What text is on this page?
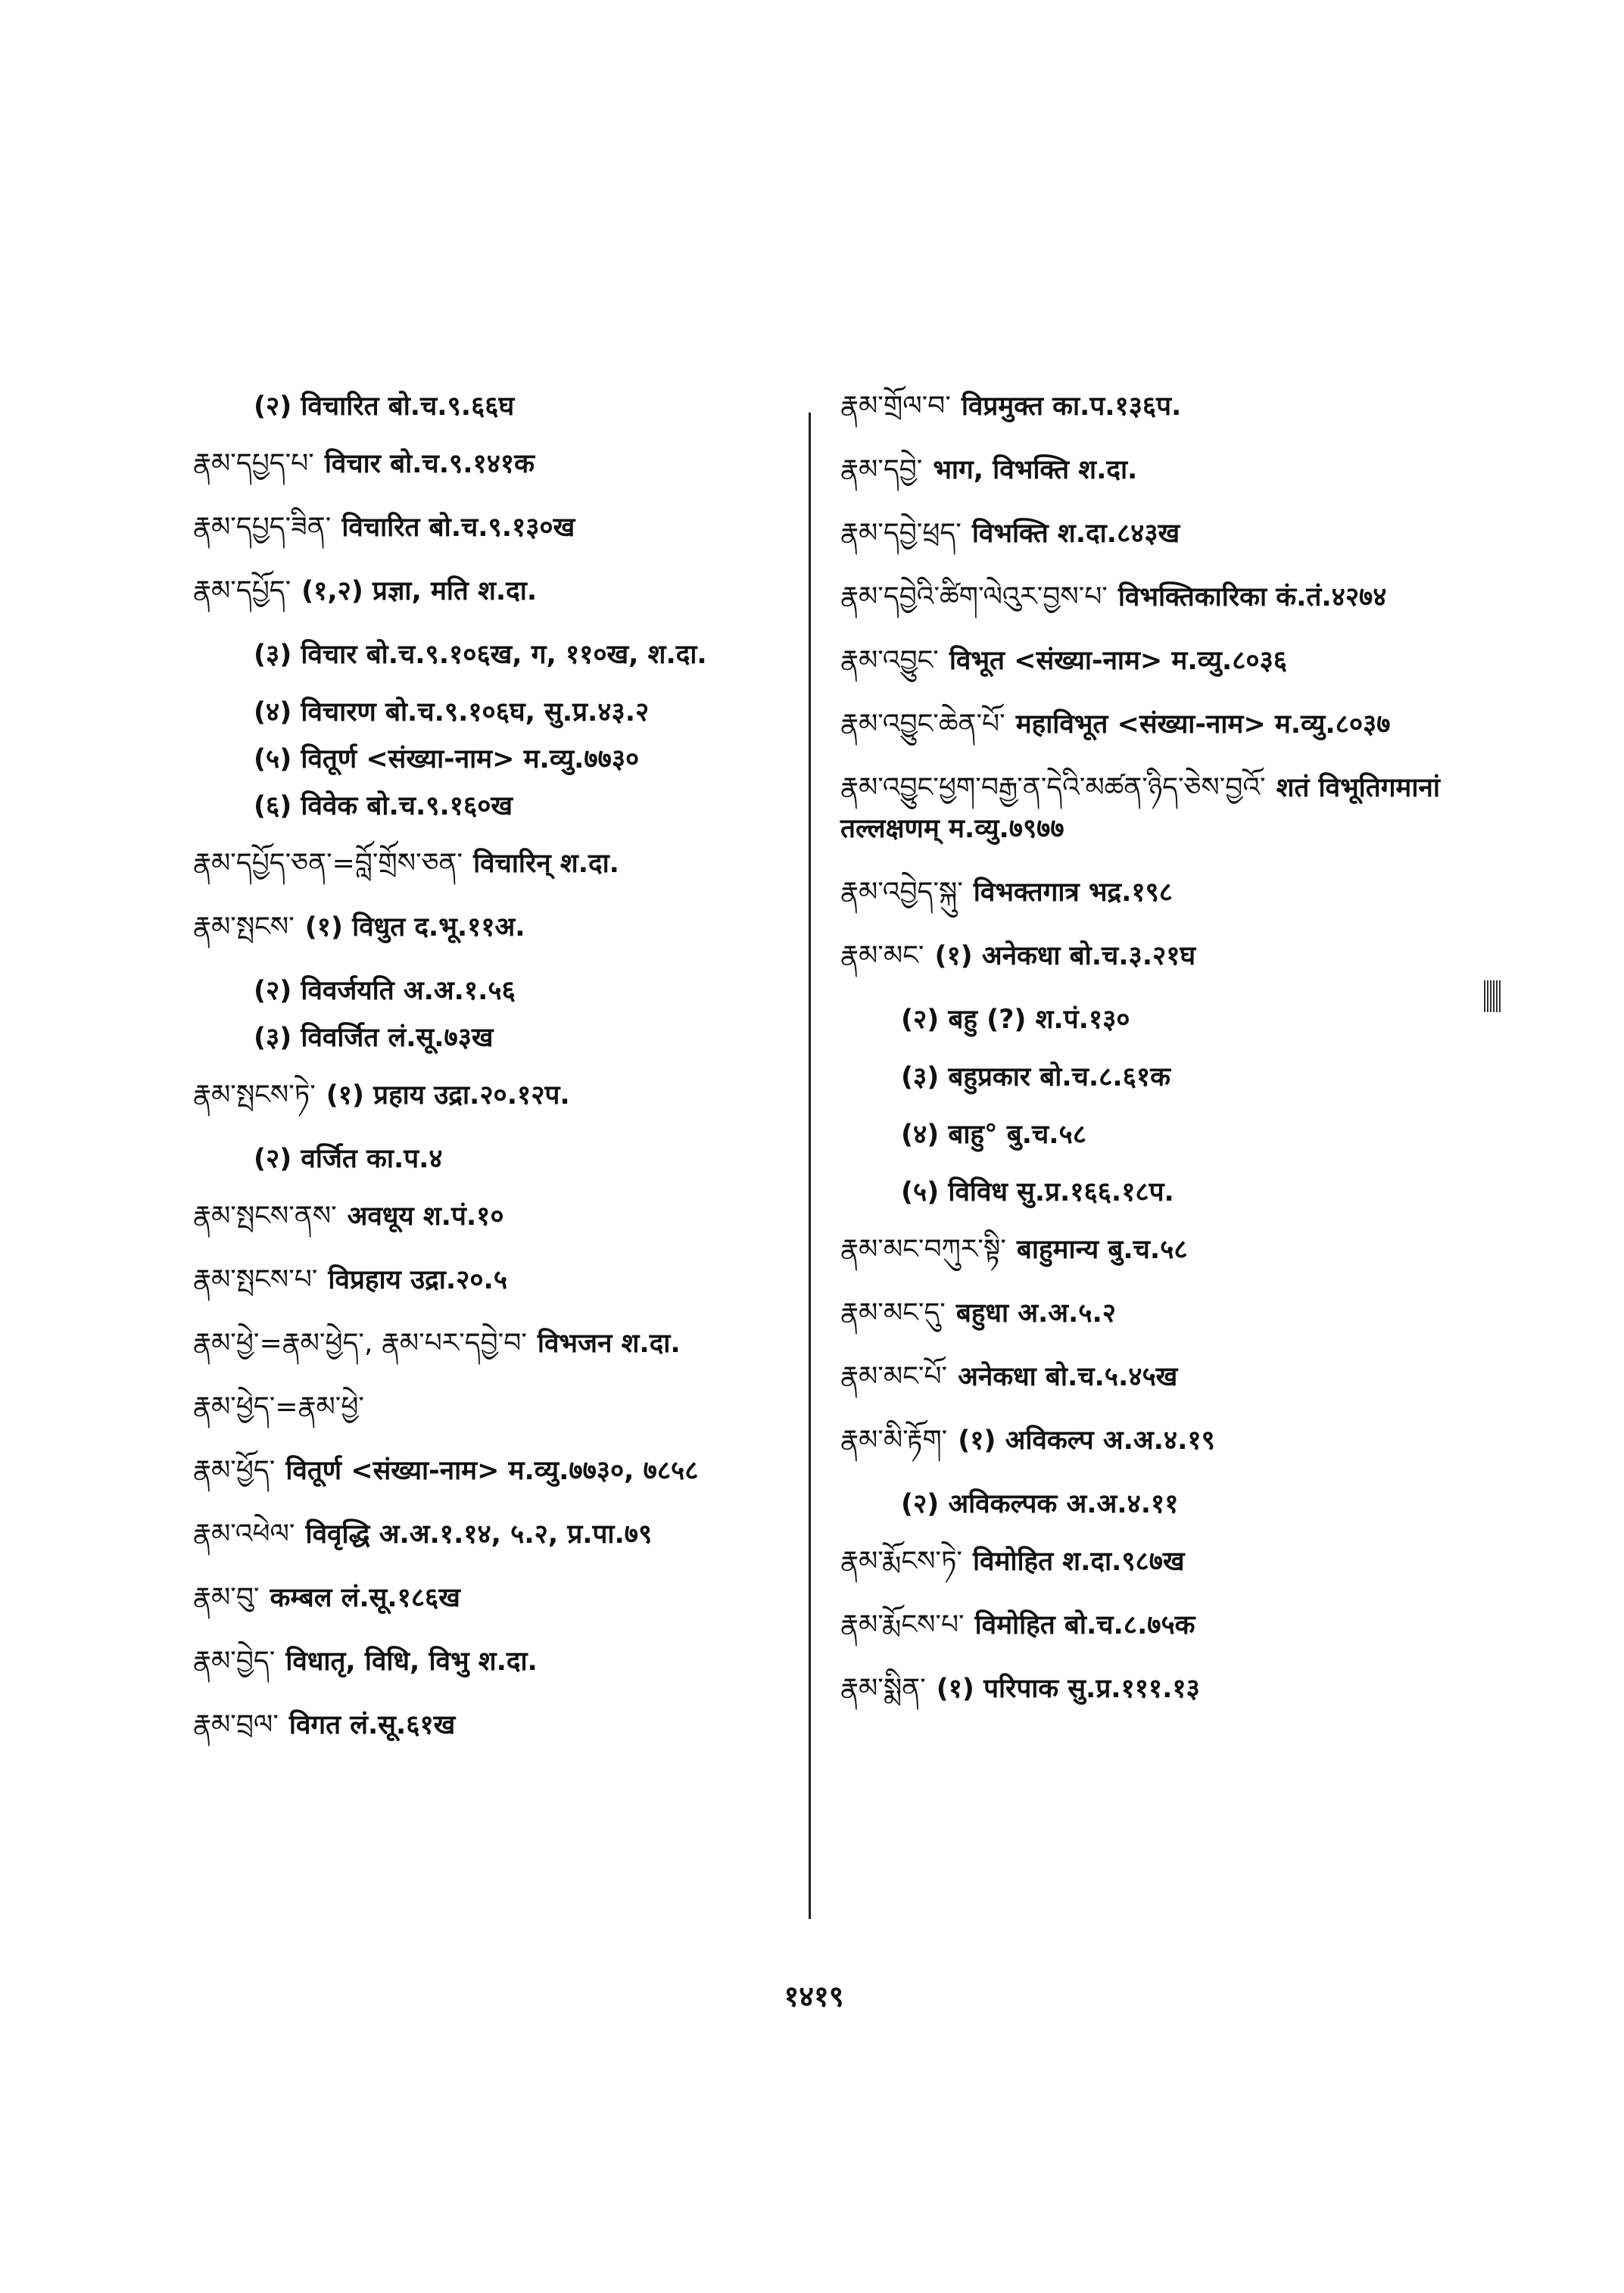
(२) विचारित बो.च.९.६६घ
རྣམ་དཔྱད་པ་ विचार बो.च.९.१४१क
རྣམ་དཔྱད་ཟིན་ विचारित बो.च.९.१३०ख
རྣམ་དཔྱོད་ (१,२) प्रज्ञा, मति श.दा.
(३) विचार बो.च.९.१०६ख, ग, ११०ख, श.दा.
(४) विचारण बो.च.९.१०६घ, सु.प्र.४३.२
(५) वितूर्ण <संख्या-नाम> म.व्यु.७७३०
(६) विवेक बो.च.९.१६०ख
རྣམ་དཔྱོད་ཅན་=བློ་གྲོས་ཅན་ विचारिन् श.दा.
རྣམ་སྤངས་ (१) विधुत द.भू.११अ.
(२) विवर्जयति अ.अ.१.५६
(३) विवर्जित लं.सू.७३ख
རྣམ་སྤངས་ཏེ་ (१) प्रहाय उद्रा.२०.१२प.
(२) वर्जित का.प.४
རྣམ་སྤངས་ནས་ अवधूय श.पं.१०
རྣམ་སྤངས་པ་ विप्रहाय उद्रा.२०.५
རྣམ་ཕྱེ་=རྣམ་ཕྱེད་, རྣམ་པར་དབྱེ་བ་ विभजन श.दा.
རྣམ་ཕྱེད་=རྣམ་ཕྱེ་
རྣམ་ཕྱོད་ वितूर्ण <संख्या-नाम> म.व्यु.७७३०, ७८५८
རྣམ་འཕེལ་ विवृद्धि अ.अ.१.१४, ५.२, प्र.पा.७९
རྣམ་བུ་ कम्बल लं.सू.१८६ख
རྣམ་བྱེད་ विधातृ, विधि, विभु श.दा.
རྣམ་བྲལ་ विगत लं.सू.६१ख
རྣམ་གྲོལ་བ་ विप्रमुक्त का.प.१३६प.
རྣམ་དབྱེ་ भाग, विभक्ति श.दा.
རྣམ་དབྱེ་ཕྲད་ विभक्ति श.दा.८४३ख
རྣམ་དབྱེའི་ཚིག་ལེའུར་བྱས་པ་ विभक्तिकारिका कं.तं.४२७४
རྣམ་འབྱུང་ विभूत <संख्या-नाम> म.व्यु.८०३६
རྣམ་འབྱུང་ཆེན་པོ་ महाविभूत <संख्या-नाम> म.व्यु.८०३७
རྣམ་འབྱུང་ཕྱག་བརྒྱ་ན་དེའི་མཚན་ཉིད་ཅེས་བྱའོ་ शतं विभूतिगमानां तल्लक्षणम् म.व्यु.७९७७
རྣམ་འབྱེད་སྐུ་ विभक्तगात्र भद्र.१९८
རྣམ་མང་ (१) अनेकधा बो.च.३.२१घ
(२) बहु (?) श.पं.१३०
(३) बहुप्रकार बो.च.८.६१क
(४) बाहु° बु.च.५८
(५) विविध सु.प्र.१६६.१८प.
རྣམ་མང་བཀུར་སྟི་ बाहुमान्य बु.च.५८
རྣམ་མང་དུ་ बहुधा अ.अ.५.२
རྣམ་མང་པོ་ अनेकधा बो.च.५.४५ख
རྣམ་མི་རྟོག་ (१) अविकल्प अ.अ.४.१९
(२) अविकल्पक अ.अ.४.११
རྣམ་རྨོངས་ཏེ་ विमोहित श.दा.९८७ख
རྣམ་རྨོངས་པ་ विमोहित बो.च.८.७५क
རྣམ་སྨིན་ (१) परिपाक सु.प्र.१११.१३
१४१९
